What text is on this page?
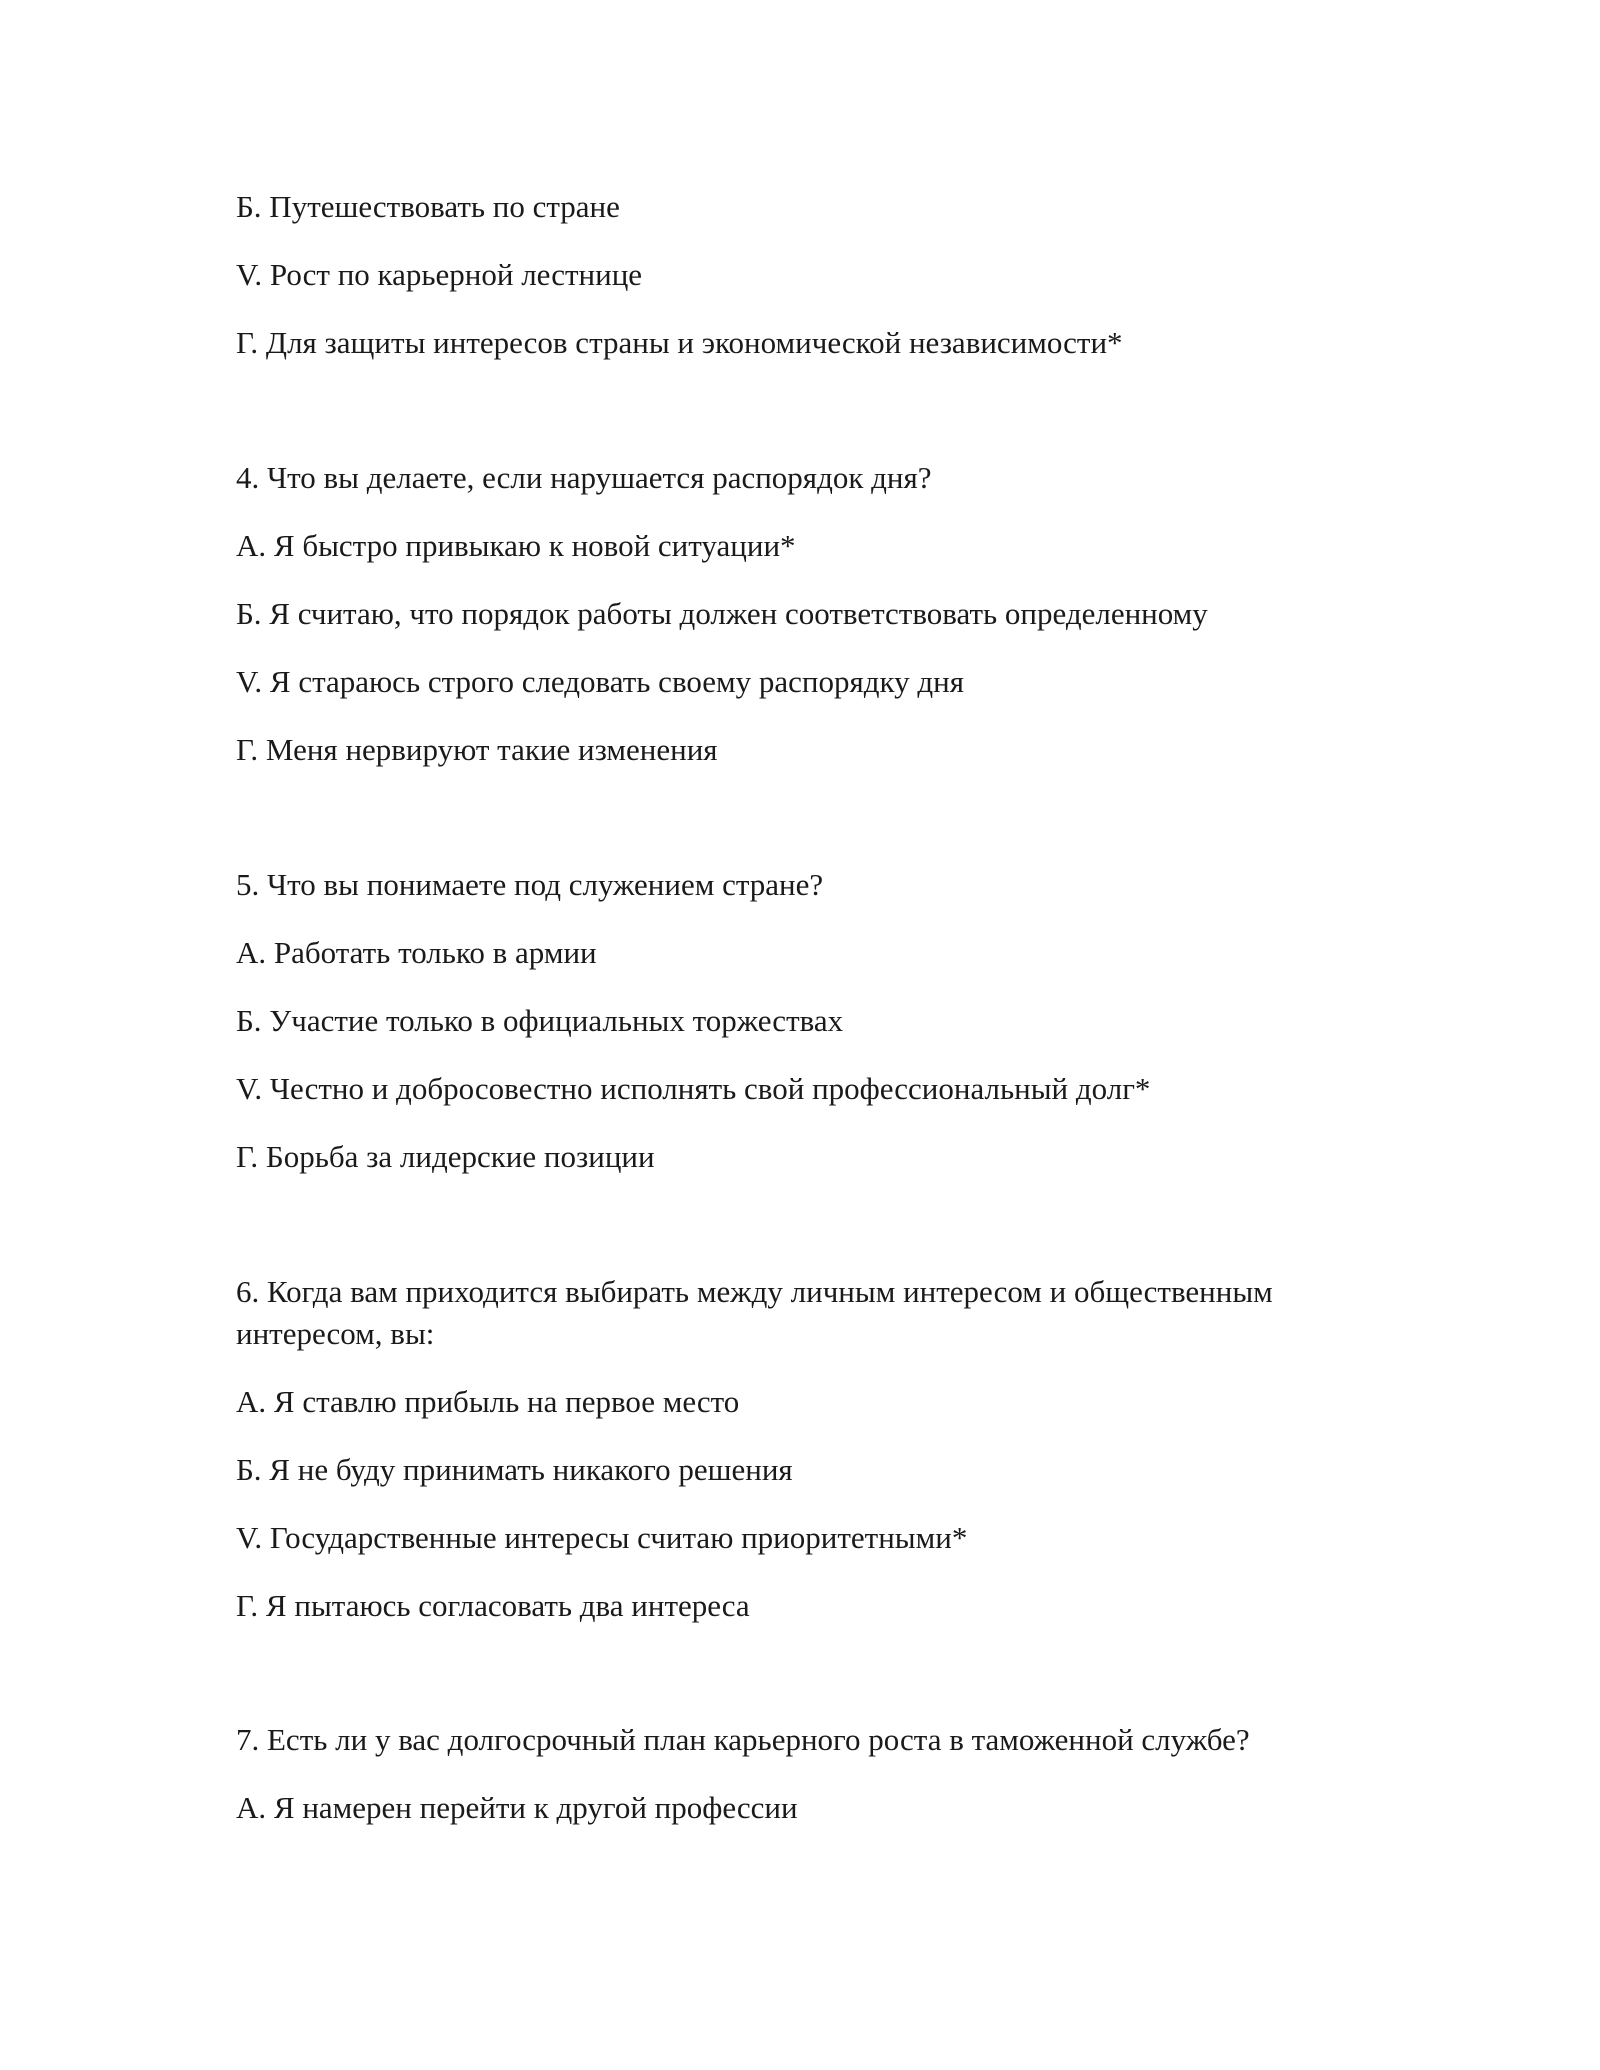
Б. Путешествовать по стране

V. Рост по карьерной лестнице

Г. Для защиты интересов страны и экономической независимости*

4. Что вы делаете, если нарушается распорядок дня?

А. Я быстро привыкаю к новой ситуации*

Б. Я считаю, что порядок работы должен соответствовать определенному

V. Я стараюсь строго следовать своему распорядку дня

Г. Меня нервируют такие изменения

5. Что вы понимаете под служением стране?

А. Работать только в армии

Б. Участие только в официальных торжествах

V. Честно и добросовестно исполнять свой профессиональный долг*

Г. Борьба за лидерские позиции

6. Когда вам приходится выбирать между личным интересом и общественным

интересом, вы:

А. Я ставлю прибыль на первое место

Б. Я не буду принимать никакого решения

V. Государственные интересы считаю приоритетными*

Г. Я пытаюсь согласовать два интереса

7. Есть ли у вас долгосрочный план карьерного роста в таможенной службе?

А. Я намерен перейти к другой профессии
